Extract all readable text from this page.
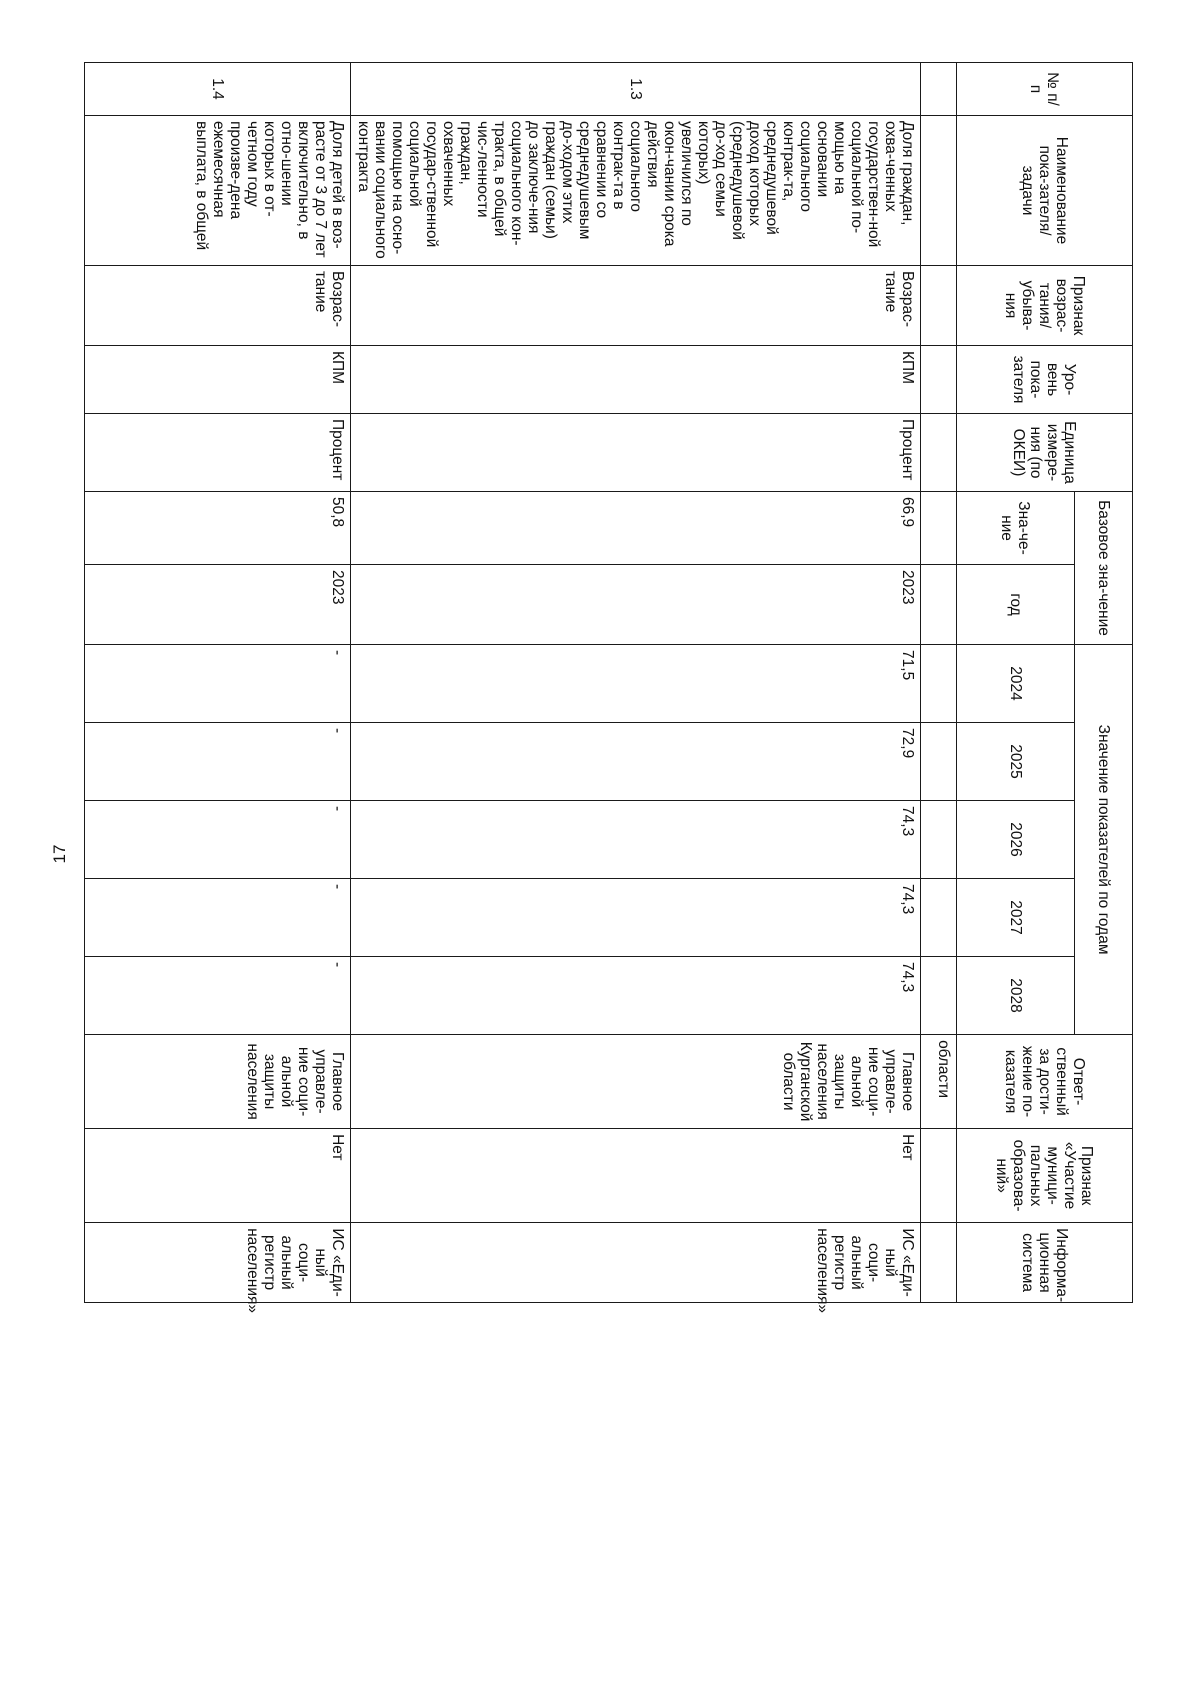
17
№ п/п	Наименование пока-зателя/задачи	Признак возрас-тания/ убыва-ния	Уро-вень пока-зателя	Единица измере-ния (по ОКЕИ)	Базовое зна-чение		Значение показателей по годам					Ответ-ственный за дости-жение по-казателя	Признак «Участие муници-пальных образова-ний»	Информа-ционная система
					Зна-че-ние	год	2024	2025	2026	2027	2028			
												области		
1.3	Доля граждан, охва-ченных государствен-ной социальной по-мощью на основании социального контрак-та, среднедушевой доход которых (среднедушевой до-ход семьи которых) увеличился по окон-чании срока действия социального контрак-та в сравнении со среднедушевым до-ходом этих граждан (семьи) до заключе-ния социального кон-тракта, в общей чис-ленности граждан, охваченных государ-ственной социальной помощью на осно-вании социального контракта	Возрас-тание	КПМ	Процент	66,9	2023	71,5	72,9	74,3	74,3	74,3	Главное управле-ние соци-альной защиты населения Курганской области	Нет	ИС «Еди-ный соци-альный регистр населения»
1.4	Доля детей в воз-расте от 3 до 7 лет включительно, в отно-шении которых в от-четном году произве-дена ежемесячная выплата, в общей	Возрас-тание	КПМ	Процент	50,8	2023	-	-	-	-	-	Главное управле-ние соци-альной защиты населения	Нет	ИС «Еди-ный соци-альный регистр населения»
